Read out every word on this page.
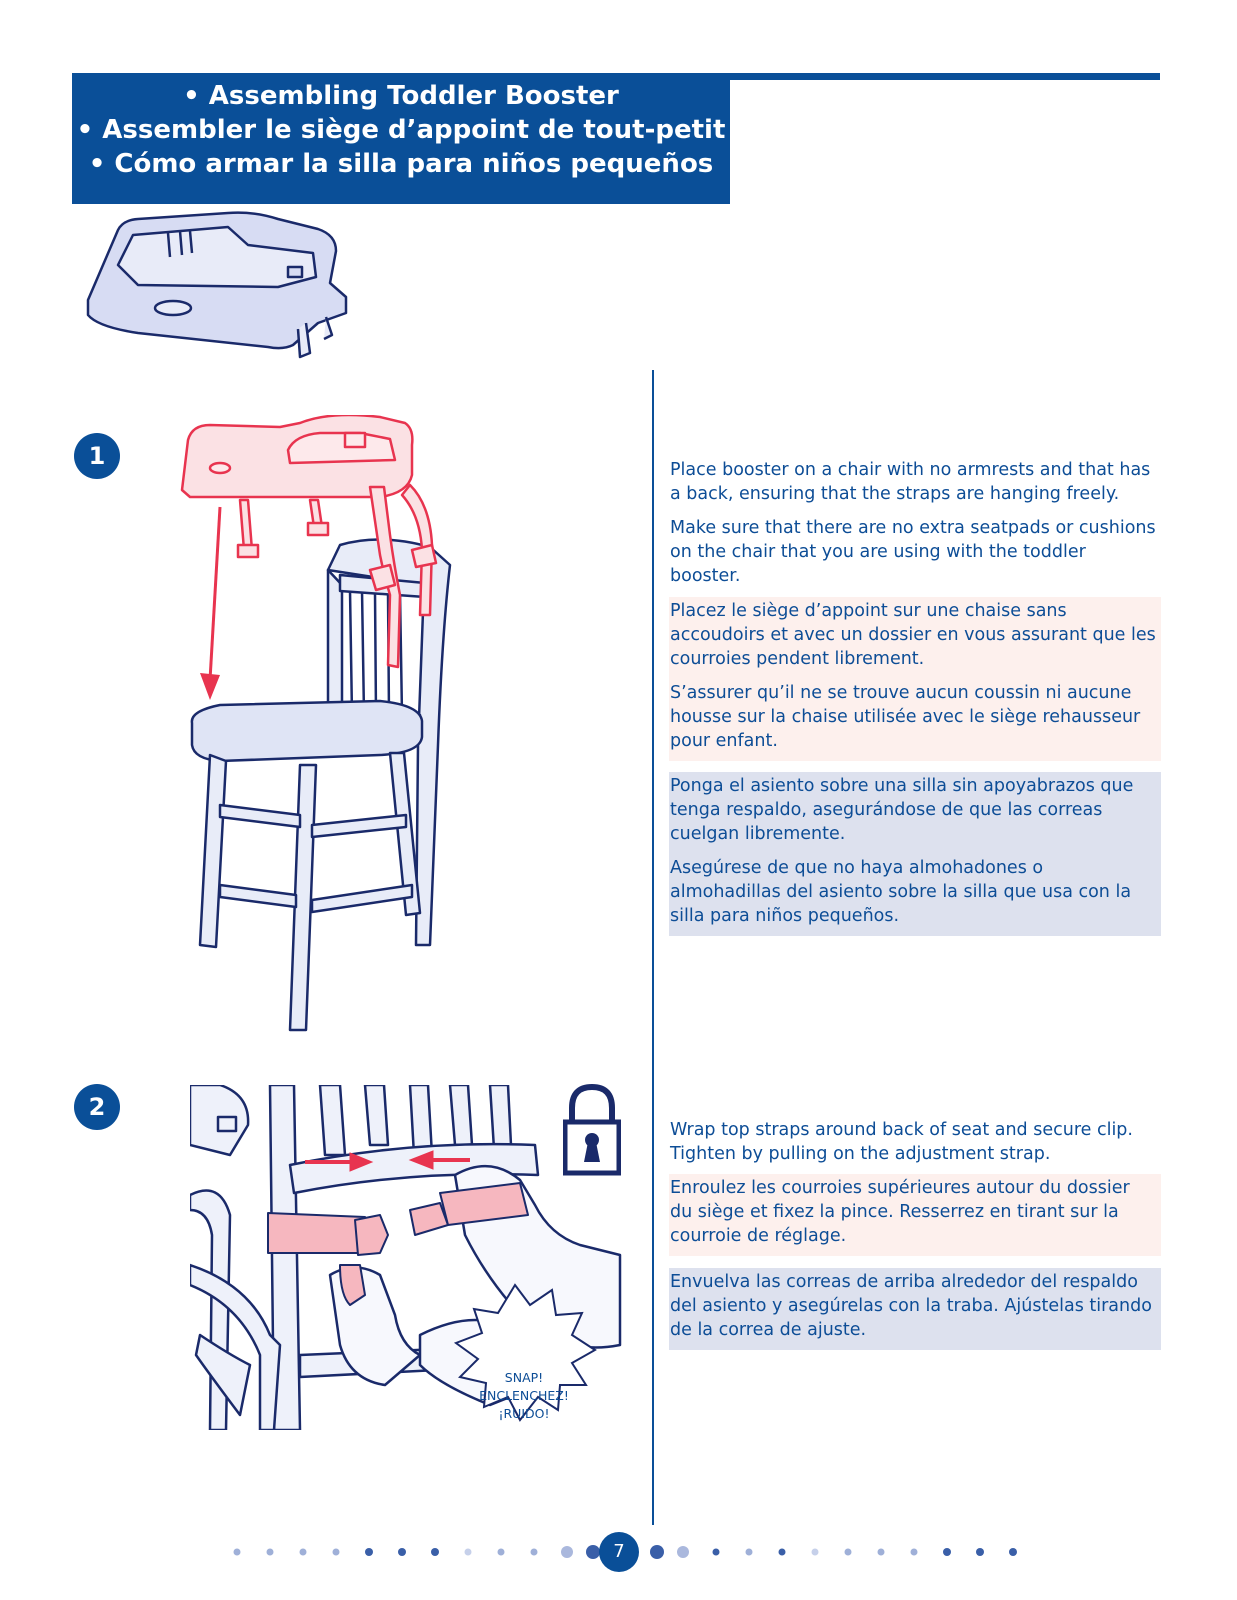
• Assembling Toddler Booster
• Assembler le siège d’appoint de tout-petit
• Cómo armar la silla para niños pequeños
1	Place booster on a chair with no armrests and that has a back, ensuring that the straps are hanging freely.

Make sure that there are no extra seatpads or cushions on the chair that you are using with the toddler booster.

Placez le siège d’appoint sur une chaise sans accoudoirs et avec un dossier en vous assurant que les courroies pendent librement.

S’assurer qu’il ne se trouve aucun coussin ni aucune housse sur la chaise utilisée avec le siège rehausseur pour enfant.

Ponga el asiento sobre una silla sin apoyabrazos que tenga respaldo, asegurándose de que las correas cuelgan libremente.

Asegúrese de que no haya almohadones o almohadillas del asiento sobre la silla que usa con la silla para niños pequeños.

2
SNAP!
ENCLENCHEZ!
¡RUIDO!

Wrap top straps around back of seat and secure clip. Tighten by pulling on the adjustment strap.

Enroulez les courroies supérieures autour du dossier du siège et fixez la pince. Resserrez en tirant sur la courroie de réglage.

Envuelva las correas de arriba alrededor del respaldo del asiento y asegúrelas con la traba. Ajústelas tirando de la correa de ajuste.

7
